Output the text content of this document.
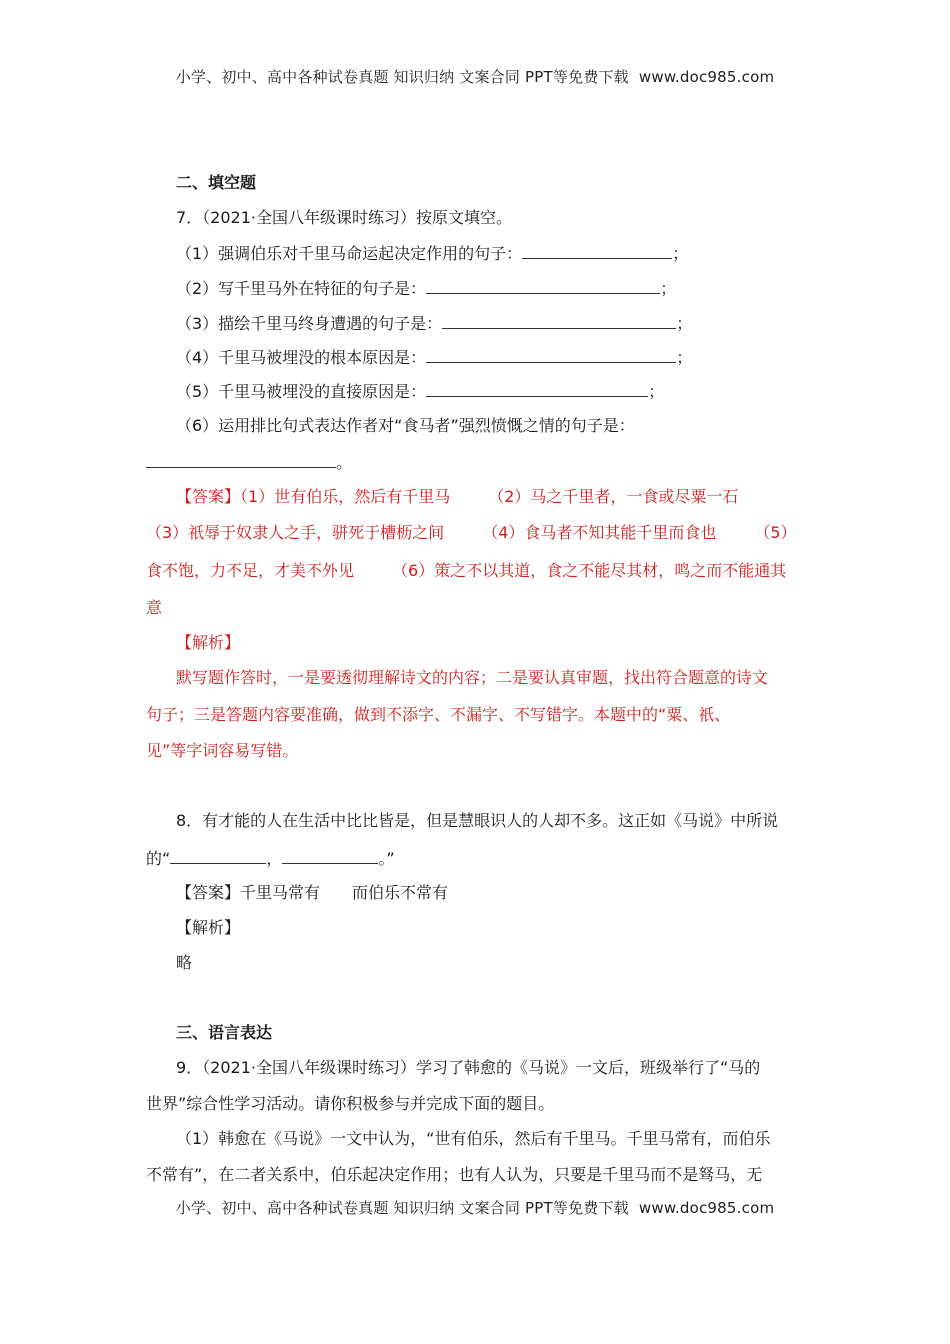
小学、初中、高中各种试卷真题 知识归纳 文案合同 PPT等免费下载 www.doc985.com
二、填空题
7．（2021·全国八年级课时练习）按原文填空。
（1）强调伯乐对千里马命运起决定作用的句子：	；
（2）写千里马外在特征的句子是：	；
（3）描绘千里马终身遭遇的句子是：	；
（4）千里马被埋没的根本原因是：	；
（5）千里马被埋没的直接原因是：	；
（6）运用排比句式表达作者对“食马者”强烈愤慨之情的句子是：
。
【答案】（1）世有伯乐，然后有千里马 （2）马之千里者，一食或尽粟一石
（3）祇辱于奴隶人之手，骈死于槽枥之间 （4）食马者不知其能千里而食也 （5）
食不饱，力不足，才美不外见 （6）策之不以其道，食之不能尽其材，鸣之而不能通其
意
【解析】
默写题作答时，一是要透彻理解诗文的内容；二是要认真审题，找出符合题意的诗文
句子；三是答题内容要准确，做到不添字、不漏字、不写错字。本题中的“粟、祇、
见”等字词容易写错。
8．有才能的人在生活中比比皆是，但是慧眼识人的人却不多。这正如《马说》中所说
的“	，	。”
【答案】千里马常有 而伯乐不常有
【解析】
略
三、语言表达
9．（2021·全国八年级课时练习）学习了韩愈的《马说》一文后，班级举行了“马的
世界”综合性学习活动。请你积极参与并完成下面的题目。
（1）韩愈在《马说》一文中认为，“世有伯乐，然后有千里马。千里马常有，而伯乐
不常有”，在二者关系中，伯乐起决定作用；也有人认为，只要是千里马而不是驽马，无
小学、初中、高中各种试卷真题 知识归纳 文案合同 PPT等免费下载 www.doc985.com
